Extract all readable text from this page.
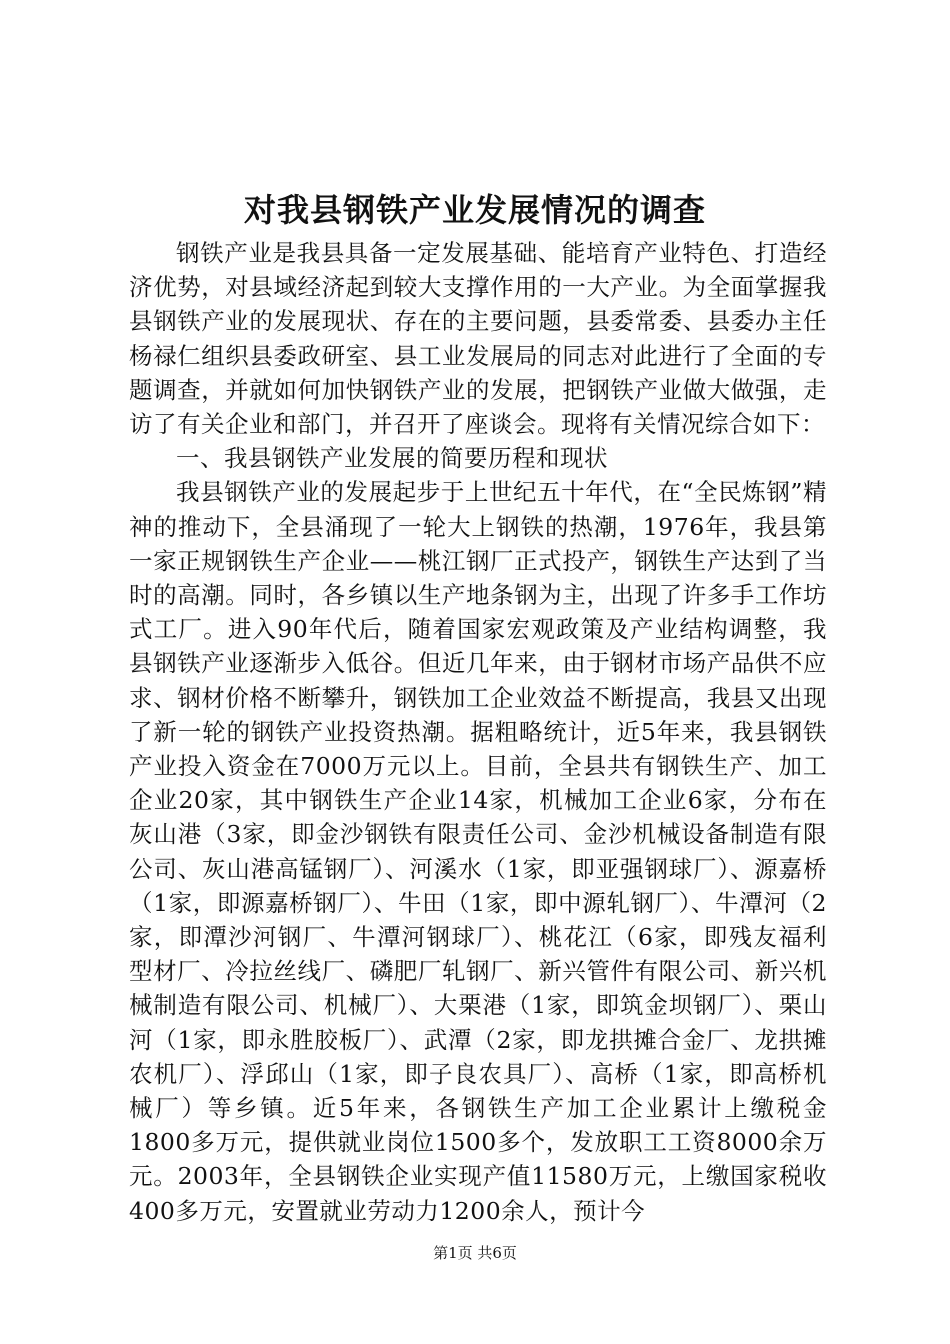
对我县钢铁产业发展情况的调查

钢铁产业是我县具备一定发展基础、能培育产业特色、打造经济优势，对县域经济起到较大支撑作用的一大产业。为全面掌握我县钢铁产业的发展现状、存在的主要问题，县委常委、县委办主任杨禄仁组织县委政研室、县工业发展局的同志对此进行了全面的专题调查，并就如何加快钢铁产业的发展，把钢铁产业做大做强，走访了有关企业和部门，并召开了座谈会。现将有关情况综合如下：

一、我县钢铁产业发展的简要历程和现状

我县钢铁产业的发展起步于上世纪五十年代，在“全民炼钢”精神的推动下，全县涌现了一轮大上钢铁的热潮，1976年，我县第一家正规钢铁生产企业——桃江钢厂正式投产，钢铁生产达到了当时的高潮。同时，各乡镇以生产地条钢为主，出现了许多手工作坊式工厂。进入90年代后，随着国家宏观政策及产业结构调整，我县钢铁产业逐渐步入低谷。但近几年来，由于钢材市场产品供不应求、钢材价格不断攀升，钢铁加工企业效益不断提高，我县又出现了新一轮的钢铁产业投资热潮。据粗略统计，近5年来，我县钢铁产业投入资金在7000万元以上。目前，全县共有钢铁生产、加工企业20家，其中钢铁生产企业14家，机械加工企业6家，分布在灰山港（3家，即金沙钢铁有限责任公司、金沙机械设备制造有限公司、灰山港高锰钢厂）、河溪水（1家，即亚强钢球厂）、源嘉桥（1家，即源嘉桥钢厂）、牛田（1家，即中源轧钢厂）、牛潭河（2家，即潭沙河钢厂、牛潭河钢球厂）、桃花江（6家，即残友福利型材厂、冷拉丝线厂、磷肥厂轧钢厂、新兴管件有限公司、新兴机械制造有限公司、机械厂）、大栗港（1家，即筑金坝钢厂）、栗山河（1家，即永胜胶板厂）、武潭（2家，即龙拱摊合金厂、龙拱摊农机厂）、浮邱山（1家，即子良农具厂）、高桥（1家，即高桥机械厂）等乡镇。近5年来，各钢铁生产加工企业累计上缴税金1800多万元，提供就业岗位1500多个，发放职工工资8000余万元。2003年，全县钢铁企业实现产值11580万元，上缴国家税收400多万元，安置就业劳动力1200余人，预计今

第1页 共6页
